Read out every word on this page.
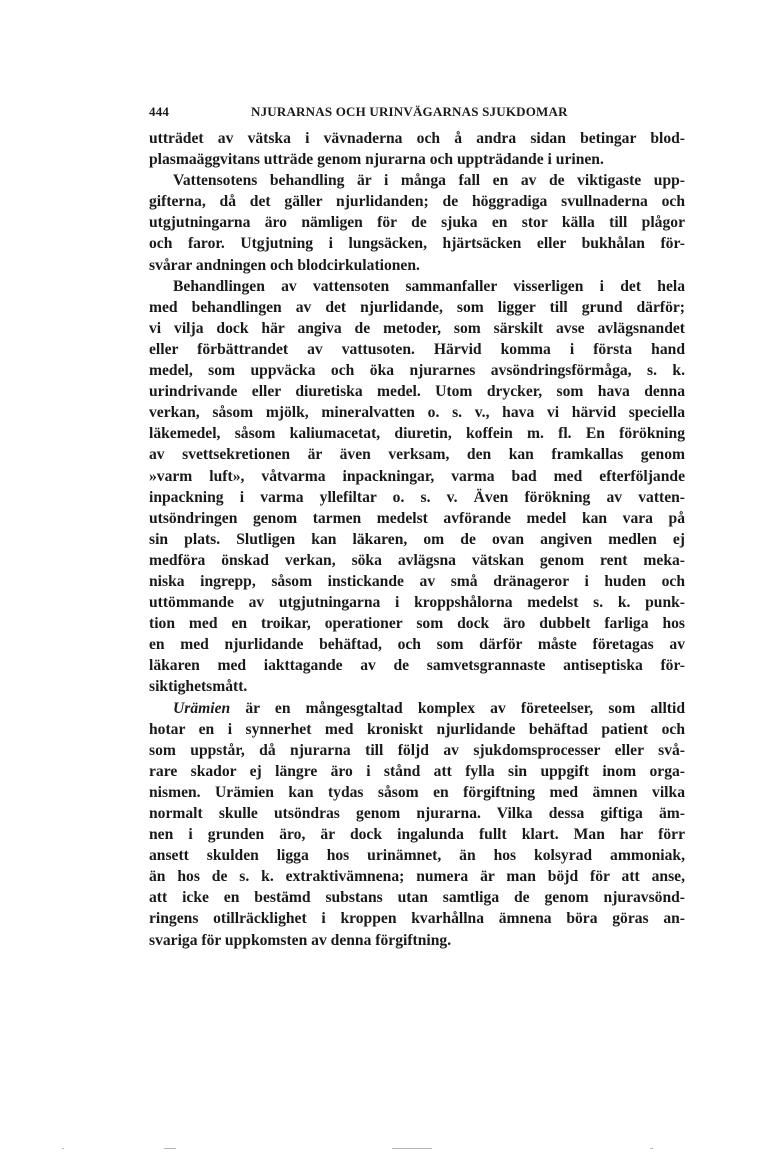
444	NJURARNAS OCH URINVÄGARNAS SJUKDOMAR
utträdet av vätska i vävnaderna och å andra sidan betingar blod-
plasmaäggvitans utträde genom njurarna och uppträdande i urinen.
Vattensotens behandling är i många fall en av de viktigaste upp-
gifterna, då det gäller njurlidanden; de höggradiga svullnaderna och
utgjutningarna äro nämligen för de sjuka en stor källa till plågor
och faror. Utgjutning i lungsäcken, hjärtsäcken eller bukhålan för-
svårar andningen och blodcirkulationen.
Behandlingen av vattensoten sammanfaller visserligen i det hela
med behandlingen av det njurlidande, som ligger till grund därför;
vi vilja dock här angiva de metoder, som särskilt avse avlägsnandet
eller förbättrandet av vattusoten. Härvid komma i första hand
medel, som uppväcka och öka njurarnes avsöndringsförmåga, s. k.
urindrivande eller diuretiska medel. Utom drycker, som hava denna
verkan, såsom mjölk, mineralvatten o. s. v., hava vi härvid speciella
läkemedel, såsom kaliumacetat, diuretin, koffein m. fl. En förökning
av svettsekretionen är även verksam, den kan framkallas genom
»varm luft», våtvarma inpackningar, varma bad med efterföljande
inpackning i varma yllefiltar o. s. v. Även förökning av vatten-
utsöndringen genom tarmen medelst avförande medel kan vara på
sin plats. Slutligen kan läkaren, om de ovan angiven medlen ej
medföra önskad verkan, söka avlägsna vätskan genom rent meka-
niska ingrepp, såsom instickande av små dränageror i huden och
uttömmande av utgjutningarna i kroppshålorna medelst s. k. punk-
tion med en troikar, operationer som dock äro dubbelt farliga hos
en med njurlidande behäftad, och som därför måste företagas av
läkaren med iakttagande av de samvetsgrannaste antiseptiska för-
siktighetsmått.
Urämien är en mångesgtaltad komplex av företeelser, som alltid
hotar en i synnerhet med kroniskt njurlidande behäftad patient och
som uppstår, då njurarna till följd av sjukdomsprocesser eller svå-
rare skador ej längre äro i stånd att fylla sin uppgift inom orga-
nismen. Urämien kan tydas såsom en förgiftning med ämnen vilka
normalt skulle utsöndras genom njurarna. Vilka dessa giftiga äm-
nen i grunden äro, är dock ingalunda fullt klart. Man har förr
ansett skulden ligga hos urinämnet, än hos kolsyrad ammoniak,
än hos de s. k. extraktivämnena; numera är man böjd för att anse,
att icke en bestämd substans utan samtliga de genom njuravsönd-
ringens otillräcklighet i kroppen kvarhållna ämnena böra göras an-
svariga för uppkomsten av denna förgiftning.
